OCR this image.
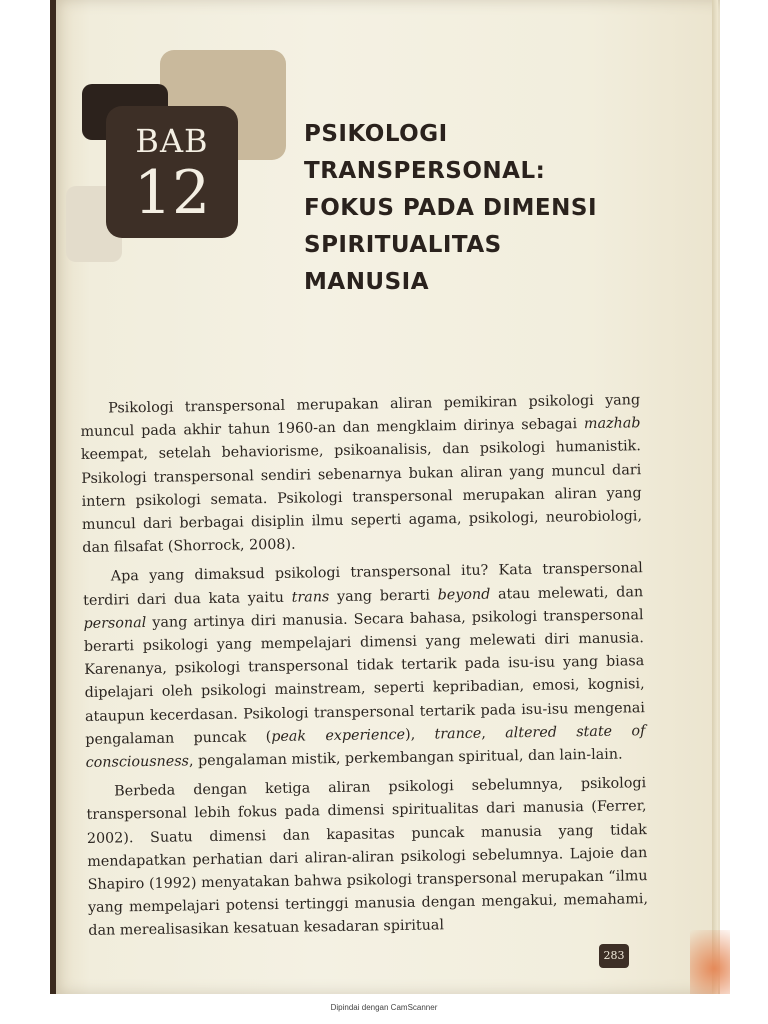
BAB
12
PSIKOLOGI
TRANSPERSONAL:
FOKUS PADA DIMENSI
SPIRITUALITAS
MANUSIA

Psikologi transpersonal merupakan aliran pemikiran psikologi yang muncul pada akhir tahun 1960-an dan mengklaim dirinya sebagai mazhab keempat, setelah behaviorisme, psikoanalisis, dan psikologi humanistik. Psikologi transpersonal sendiri sebenarnya bukan aliran yang muncul dari intern psikologi semata. Psikologi transpersonal merupakan aliran yang muncul dari berbagai disiplin ilmu seperti agama, psikologi, neurobiologi, dan filsafat (Shorrock, 2008).

Apa yang dimaksud psikologi transpersonal itu? Kata transpersonal terdiri dari dua kata yaitu trans yang berarti beyond atau melewati, dan personal yang artinya diri manusia. Secara bahasa, psikologi transpersonal berarti psikologi yang mempelajari dimensi yang melewati diri manusia. Karenanya, psikologi transpersonal tidak tertarik pada isu-isu yang biasa dipelajari oleh psikologi mainstream, seperti kepribadian, emosi, kognisi, ataupun kecerdasan. Psikologi transpersonal tertarik pada isu-isu mengenai pengalaman puncak (peak experience), trance, altered state of consciousness, pengalaman mistik, perkembangan spiritual, dan lain-lain.

Berbeda dengan ketiga aliran psikologi sebelumnya, psikologi transpersonal lebih fokus pada dimensi spiritualitas dari manusia (Ferrer, 2002). Suatu dimensi dan kapasitas puncak manusia yang tidak mendapatkan perhatian dari aliran-aliran psikologi sebelumnya. Lajoie dan Shapiro (1992) menyatakan bahwa psikologi transpersonal merupakan “ilmu yang mempelajari potensi tertinggi manusia dengan mengakui, memahami, dan merealisasikan kesatuan kesadaran spiritual

283
Dipindai dengan CamScanner
